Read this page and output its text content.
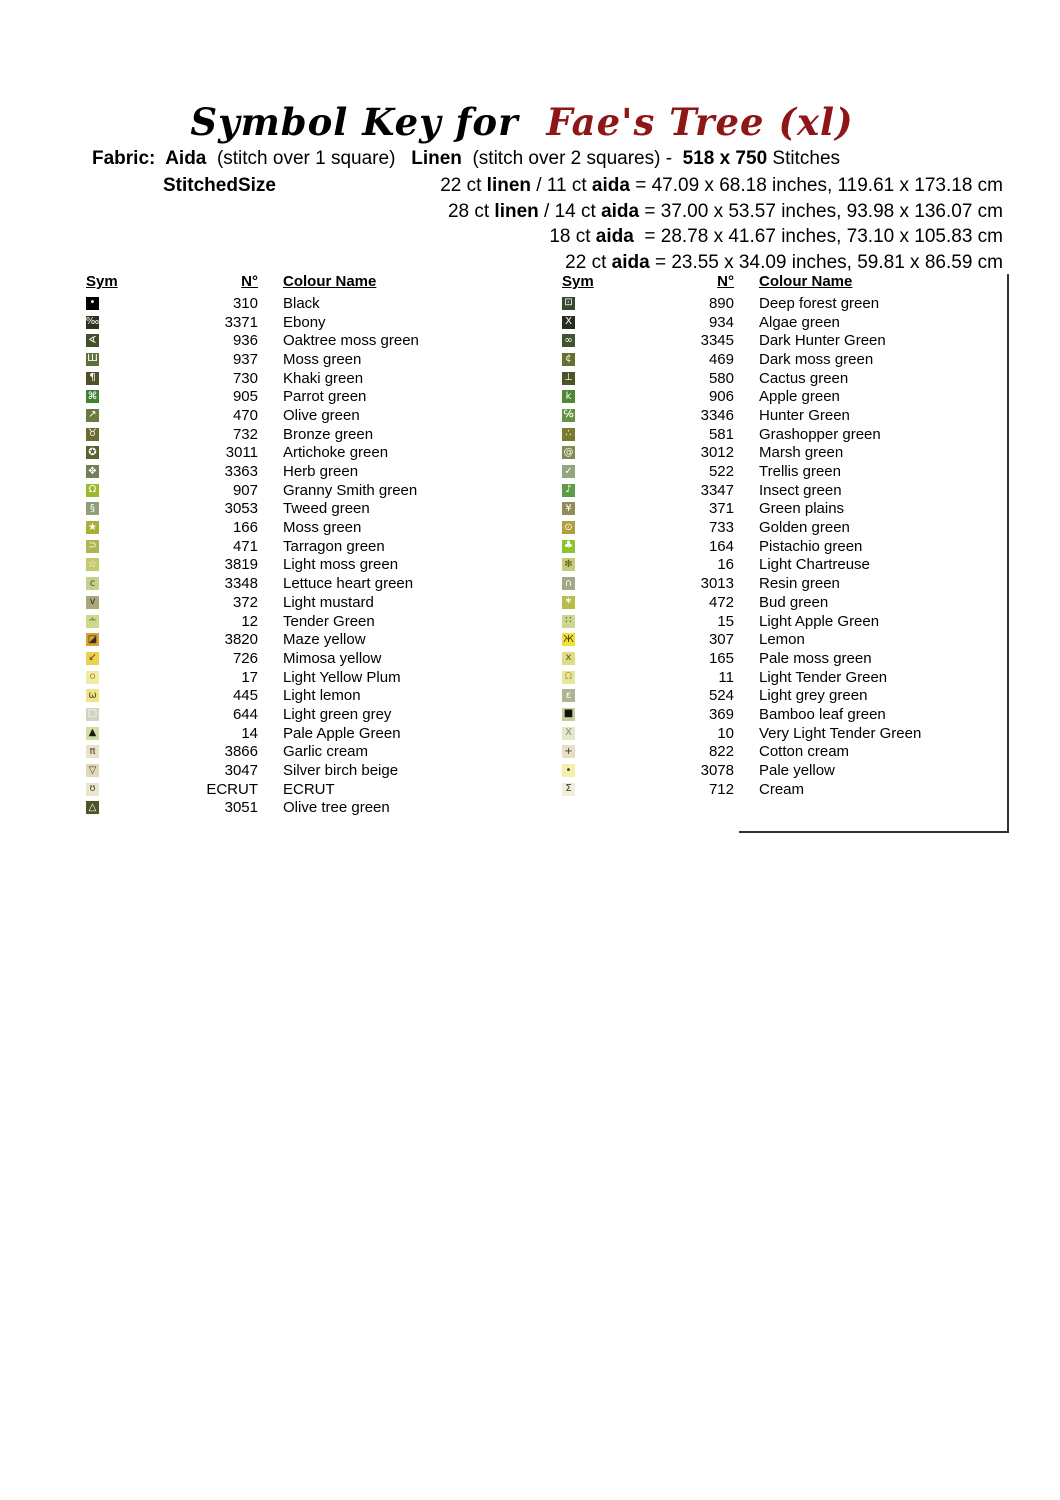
Symbol Key for  Fae's Tree (xl)
Fabric:  Aida  (stitch over 1 square)   Linen  (stitch over 2 squares) -  518 x 750 Stitches
StitchedSize	22 ct linen / 11 ct aida = 47.09 x 68.18 inches, 119.61 x 173.18 cm
28 ct linen / 14 ct aida = 37.00 x 53.57 inches, 93.98 x 136.07 cm
18 ct aida  = 28.78 x 41.67 inches, 73.10 x 105.83 cm
22 ct aida = 23.55 x 34.09 inches, 59.81 x 86.59 cm
Sym	N°	Colour Name
•	310	Black
‰	3371	Ebony
∢	936	Oaktree moss green
Ш	937	Moss green
¶	730	Khaki green
⌘	905	Parrot green
↗	470	Olive green
♉	732	Bronze green
✪	3011	Artichoke green
✥	3363	Herb green
Ω	907	Granny Smith green
§	3053	Tweed green
★	166	Moss green
⊃	471	Tarragon green
☆	3819	Light moss green
c	3348	Lettuce heart green
v	372	Light mustard
∸	12	Tender Green
◪	3820	Maze yellow
↙	726	Mimosa yellow
o	17	Light Yellow Plum
ω	445	Light lemon
□	644	Light green grey
▲	14	Pale Apple Green
π	3866	Garlic cream
▽	3047	Silver birch beige
ʊ	ECRUT	ECRUT
△	3051	Olive tree green
Sym	N°	Colour Name
⊡	890	Deep forest green
X	934	Algae green
∞	3345	Dark Hunter Green
¢	469	Dark moss green
⊥	580	Cactus green
k	906	Apple green
℅	3346	Hunter Green
∴	581	Grashopper green
@	3012	Marsh green
✓	522	Trellis green
♪	3347	Insect green
¥	371	Green plains
⊙	733	Golden green
♣	164	Pistachio green
✻	16	Light Chartreuse
∩	3013	Resin green
✶	472	Bud green
∷	15	Light Apple Green
Ж	307	Lemon
x	165	Pale moss green
Ω	11	Light Tender Green
ε	524	Light grey green
■	369	Bamboo leaf green
X	10	Very Light Tender Green
+	822	Cotton cream
•	3078	Pale yellow
Σ	712	Cream
